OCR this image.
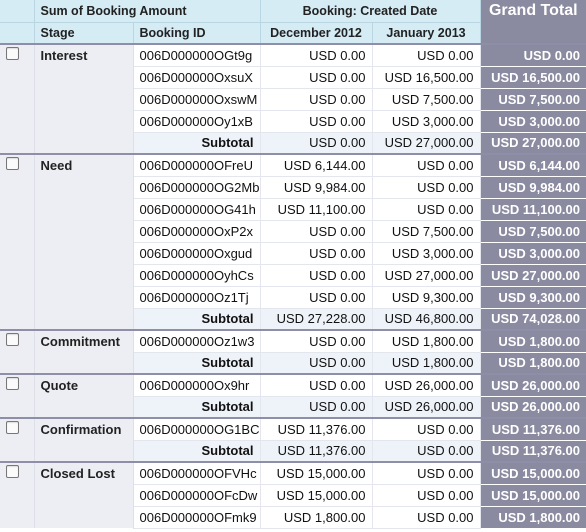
	Sum of Booking Amount		Booking: Created Date		Grand Total
	Stage	Booking ID	December 2012	January 2013	
	Interest	006D000000OGt9g	USD 0.00	USD 0.00	USD 0.00
		006D000000OxsuX	USD 0.00	USD 16,500.00	USD 16,500.00
		006D000000OxswM	USD 0.00	USD 7,500.00	USD 7,500.00
		006D000000Oy1xB	USD 0.00	USD 3,000.00	USD 3,000.00
		Subtotal	USD 0.00	USD 27,000.00	USD 27,000.00
	Need	006D000000OFreU	USD 6,144.00	USD 0.00	USD 6,144.00
		006D000000OG2Mb	USD 9,984.00	USD 0.00	USD 9,984.00
		006D000000OG41h	USD 11,100.00	USD 0.00	USD 11,100.00
		006D000000OxP2x	USD 0.00	USD 7,500.00	USD 7,500.00
		006D000000Oxgud	USD 0.00	USD 3,000.00	USD 3,000.00
		006D000000OyhCs	USD 0.00	USD 27,000.00	USD 27,000.00
		006D000000Oz1Tj	USD 0.00	USD 9,300.00	USD 9,300.00
		Subtotal	USD 27,228.00	USD 46,800.00	USD 74,028.00
	Commitment	006D000000Oz1w3	USD 0.00	USD 1,800.00	USD 1,800.00
		Subtotal	USD 0.00	USD 1,800.00	USD 1,800.00
	Quote	006D000000Ox9hr	USD 0.00	USD 26,000.00	USD 26,000.00
		Subtotal	USD 0.00	USD 26,000.00	USD 26,000.00
	Confirmation	006D000000OG1BC	USD 11,376.00	USD 0.00	USD 11,376.00
		Subtotal	USD 11,376.00	USD 0.00	USD 11,376.00
	Closed Lost	006D000000OFVHc	USD 15,000.00	USD 0.00	USD 15,000.00
		006D000000OFcDw	USD 15,000.00	USD 0.00	USD 15,000.00
		006D000000OFmk9	USD 1,800.00	USD 0.00	USD 1,800.00
